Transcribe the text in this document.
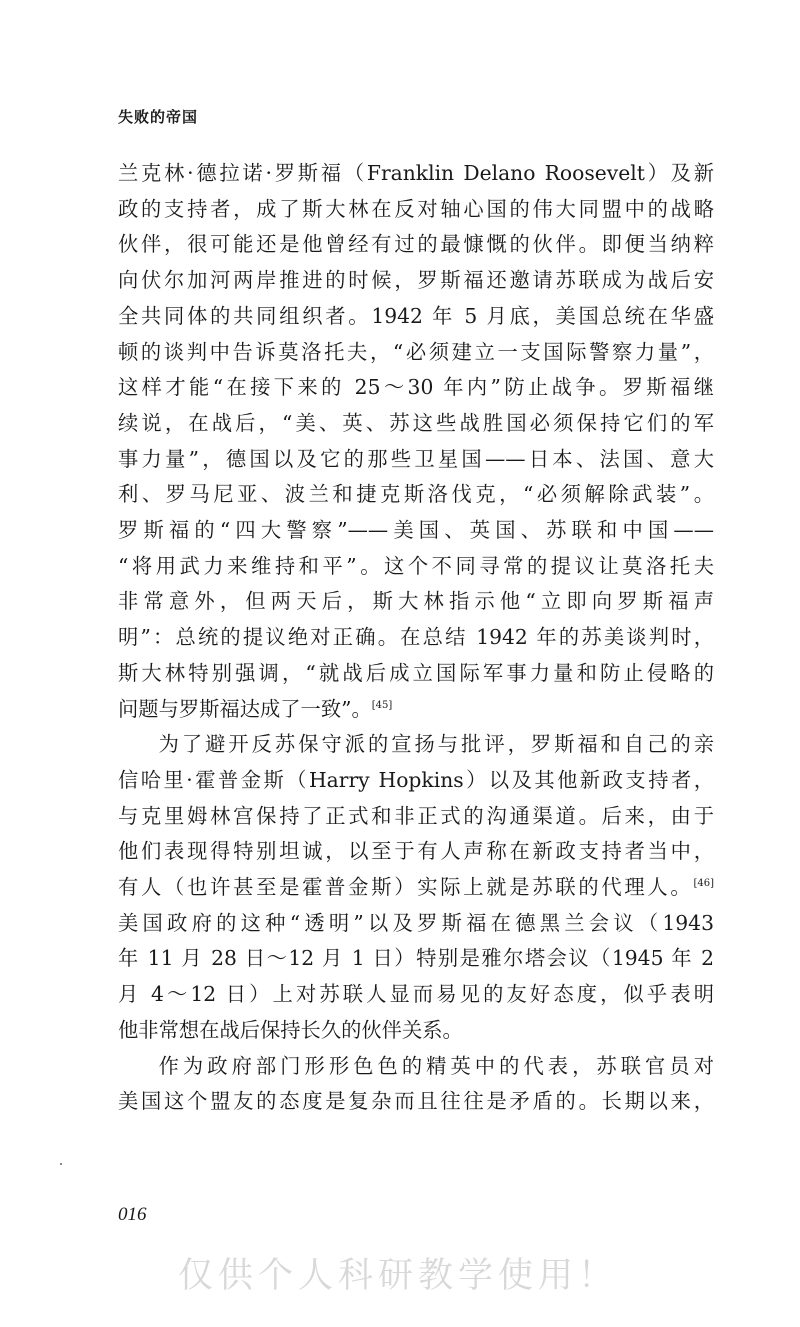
失败的帝国

兰克林·德拉诺·罗斯福（Franklin Delano Roosevelt）及新

政的支持者，成了斯大林在反对轴心国的伟大同盟中的战略

伙伴，很可能还是他曾经有过的最慷慨的伙伴。即便当纳粹

向伏尔加河两岸推进的时候，罗斯福还邀请苏联成为战后安

全共同体的共同组织者。1942 年 5 月底，美国总统在华盛

顿的谈判中告诉莫洛托夫，“必须建立一支国际警察力量”，

这样才能“在接下来的 25～30 年内”防止战争。罗斯福继

续说，在战后，“美、英、苏这些战胜国必须保持它们的军

事力量”，德国以及它的那些卫星国——日本、法国、意大

利、罗马尼亚、波兰和捷克斯洛伐克，“必须解除武装”。

罗斯福的“四大警察”——美国、英国、苏联和中国——

“将用武力来维持和平”。这个不同寻常的提议让莫洛托夫

非常意外，但两天后，斯大林指示他“立即向罗斯福声

明”：总统的提议绝对正确。在总结 1942 年的苏美谈判时，

斯大林特别强调，“就战后成立国际军事力量和防止侵略的

问题与罗斯福达成了一致”。[45]

为了避开反苏保守派的宣扬与批评，罗斯福和自己的亲

信哈里·霍普金斯（Harry Hopkins）以及其他新政支持者，

与克里姆林宫保持了正式和非正式的沟通渠道。后来，由于

他们表现得特别坦诚，以至于有人声称在新政支持者当中，

有人（也许甚至是霍普金斯）实际上就是苏联的代理人。[46]

美国政府的这种“透明”以及罗斯福在德黑兰会议（1943

年 11 月 28 日～12 月 1 日）特别是雅尔塔会议（1945 年 2

月 4～12 日）上对苏联人显而易见的友好态度，似乎表明

他非常想在战后保持长久的伙伴关系。

作为政府部门形形色色的精英中的代表，苏联官员对

美国这个盟友的态度是复杂而且往往是矛盾的。长期以来，

016
仅供个人科研教学使用！
